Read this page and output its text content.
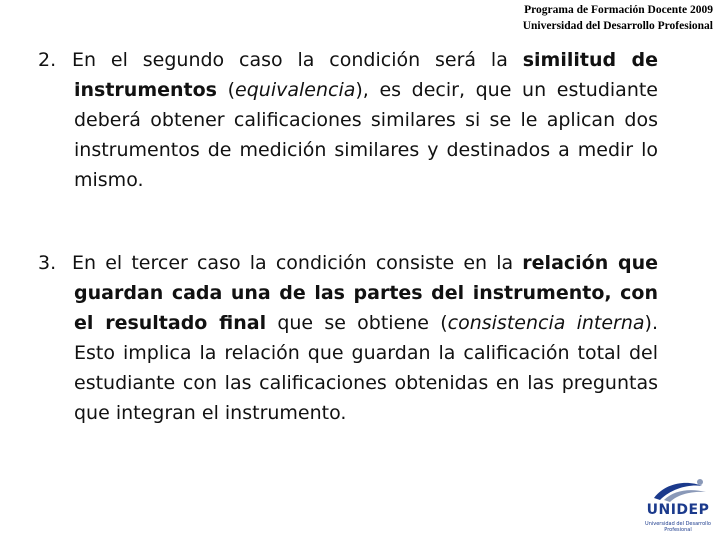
Programa de Formación Docente 2009
Universidad del Desarrollo Profesional
2. En el segundo caso la condición será la similitud de instrumentos (equivalencia), es decir, que un estudiante deberá obtener calificaciones similares si se le aplican dos instrumentos de medición similares y destinados a medir lo mismo.
3. En el tercer caso la condición consiste en la relación que guardan cada una de las partes del instrumento, con el resultado final que se obtiene (consistencia interna). Esto implica la relación que guardan la calificación total del estudiante con las calificaciones obtenidas en las preguntas que integran el instrumento.
UNIDEP
Universidad del Desarrollo Profesional
